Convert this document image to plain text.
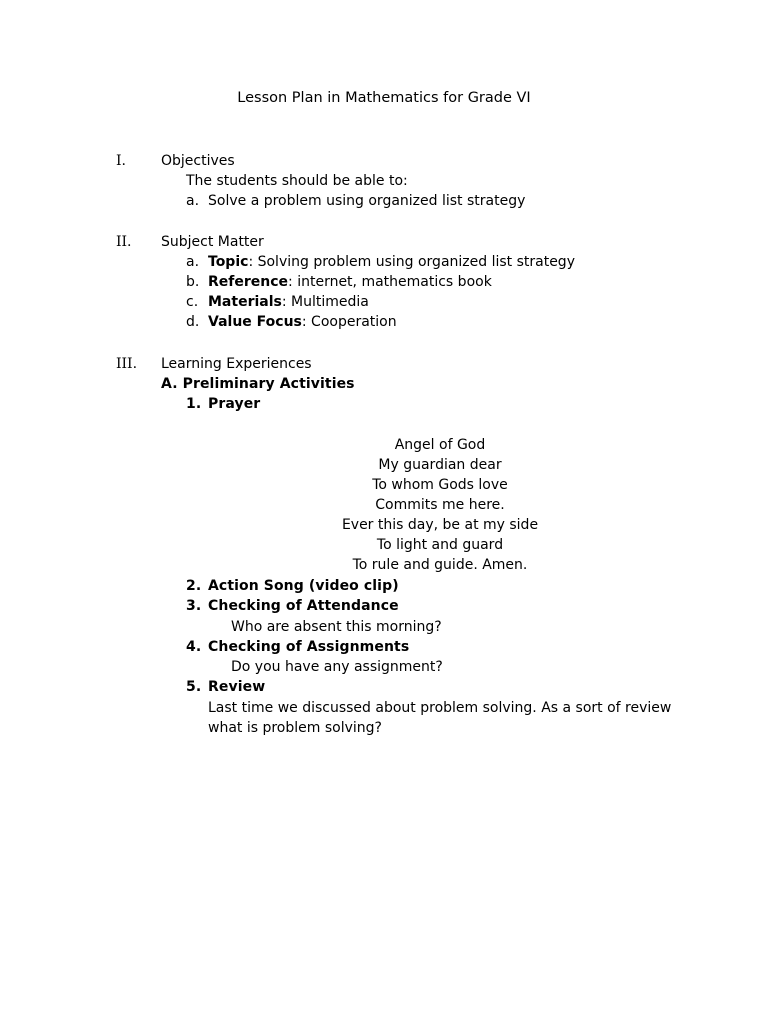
Lesson Plan in Mathematics for Grade VI
I.	Objectives
The students should be able to:
a. Solve a problem using organized list strategy
II. Subject Matter
a. Topic: Solving problem using organized list strategy
b. Reference: internet, mathematics book
c. Materials: Multimedia
d. Value Focus: Cooperation
III. Learning Experiences
A. Preliminary Activities
1. Prayer
Angel of God
My guardian dear
To whom Gods love
Commits me here.
Ever this day, be at my side
To light and guard
To rule and guide. Amen.
2. Action Song (video clip)
3. Checking of Attendance
Who are absent this morning?
4. Checking of Assignments
Do you have any assignment?
5. Review
Last time we discussed about problem solving. As a sort of review
what is problem solving?
